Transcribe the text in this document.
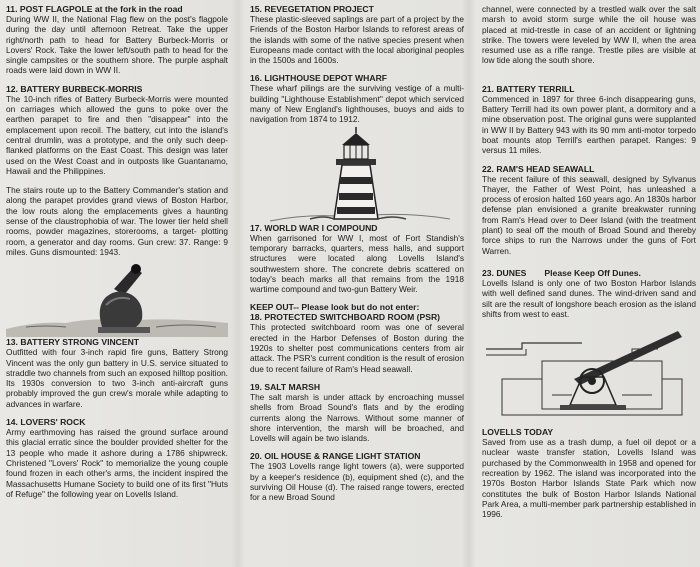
11. POST FLAGPOLE at the fork in the road

During WW II, the National Flag flew on the post's flagpole during the day until afternoon Retreat. Take the upper right/north path to head for Battery Burbeck-Morris or Lovers' Rock. Take the lower left/south path to head for the single campsites or the southern shore. The purple asphalt roads were laid down in WW II.

12. BATTERY BURBECK-MORRIS

The 10-inch rifles of Battery Burbeck-Morris were mounted on carriages which allowed the guns to poke over the earthen parapet to fire and then "disappear" into the emplacement upon recoil. The battery, cut into the island's central drumlin, was a prototype, and the only such deep-flanked platforms on the East Coast. This design was later used on the West Coast and in outposts like Guantanamo, Hawaii and the Philippines.

The stairs route up to the Battery Commander's station and along the parapet provides grand views of Boston Harbor, the low routs along the emplacements gives a haunting sense of the claustrophobia of war. The lower tier held shell rooms, powder magazines, storerooms, a target- plotting room, a generator and day rooms. Gun crew: 37. Range: 9 miles. Guns dismounted: 1943.

13. BATTERY STRONG VINCENT

Outfitted with four 3-inch rapid fire guns, Battery Strong Vincent was the only gun battery in U.S. service situated to straddle two channels from such an exposed hilltop position. Its 1930s conversion to two 3-inch anti-aircraft guns probably improved the gun crew's morale while adapting to advances in warfare.

14. LOVERS' ROCK

Army earthmoving has raised the ground surface around this glacial erratic since the boulder provided shelter for the 13 people who made it ashore during a 1786 shipwreck. Christened "Lovers' Rock" to memorialize the young couple found frozen in each other's arms, the incident inspired the Massachusetts Humane Society to build one of its first "Huts of Refuge" the following year on Lovells Island.

15. REVEGETATION PROJECT

These plastic-sleeved saplings are part of a project by the Friends of the Boston Harbor Islands to reforest areas of the islands with some of the native species present when Europeans made contact with the local aboriginal peoples in the 1500s and 1600s.

16. LIGHTHOUSE DEPOT WHARF

These wharf pilings are the surviving vestige of a multi-building "Lighthouse Establishment" depot which serviced many of New England's lighthouses, buoys and aids to navigation from 1874 to 1912.

17. WORLD WAR I COMPOUND

When garrisoned for WW I, most of Fort Standish's temporary barracks, quarters, mess halls, and support structures were located along Lovells Island's southwestern shore. The concrete debris scattered on today's beach marks all that remains from the 1918 wartime compound and two-gun Battery Weir.

KEEP OUT-- Please look but do not enter:

18. PROTECTED SWITCHBOARD ROOM (PSR)

This protected switchboard room was one of several erected in the Harbor Defenses of Boston during the 1920s to shelter post communications centers from air attack. The PSR's current condition is the result of erosion due to recent failure of Ram's Head seawall.

19. SALT MARSH

The salt marsh is under attack by encroaching mussel shells from Broad Sound's flats and by the eroding currents along the Narrows. Without some manner of shore intervention, the marsh will be broached, and Lovells will again be two islands.

20. OIL HOUSE & RANGE LIGHT STATION

The 1903 Lovells range light towers (a), were supported by a keeper's residence (b), equipment shed (c), and the surviving Oil House (d). The raised range towers, erected for a new Broad Sound

channel, were connected by a trestled walk over the salt marsh to avoid storm surge while the oil house was placed at mid-trestle in case of an accident or lightning strike. The towers were leveled by WW II, when the area resumed use as a rifle range. Trestle piles are visible at low tide along the south shore.

21. BATTERY TERRILL

Commenced in 1897 for three 6-inch disappearing guns, Battery Terrill had its own power plant, a dormitory and a mine observation post. The original guns were supplanted in WW II by Battery 943 with its 90 mm anti-motor torpedo boat mounts atop Terrill's earthen parapet. Ranges: 9 versus 11 miles.

22. RAM'S HEAD SEAWALL

The recent failure of this seawall, designed by Sylvanus Thayer, the Father of West Point, has unleashed a process of erosion halted 160 years ago. An 1830s harbor defense plan envisioned a granite breakwater running from Ram's Head over to Deer Island (with the treatment plant) to seal off the mouth of Broad Sound and thereby force ships to run the Narrows under the guns of Fort Warren.

23. DUNES Please Keep Off Dunes.

Lovells Island is only one of two Boston Harbor Islands with well defined sand dunes. The wind-driven sand and silt are the result of longshore beach erosion as the island shifts from west to east.

LOVELLS TODAY

Saved from use as a trash dump, a fuel oil depot or a nuclear waste transfer station, Lovells Island was purchased by the Commonwealth in 1958 and opened for recreation by 1962. The island was incorporated into the 1970s Boston Harbor Islands State Park which now constitutes the bulk of Boston Harbor Islands National Park Area, a multi-member park partnership established in 1996.
